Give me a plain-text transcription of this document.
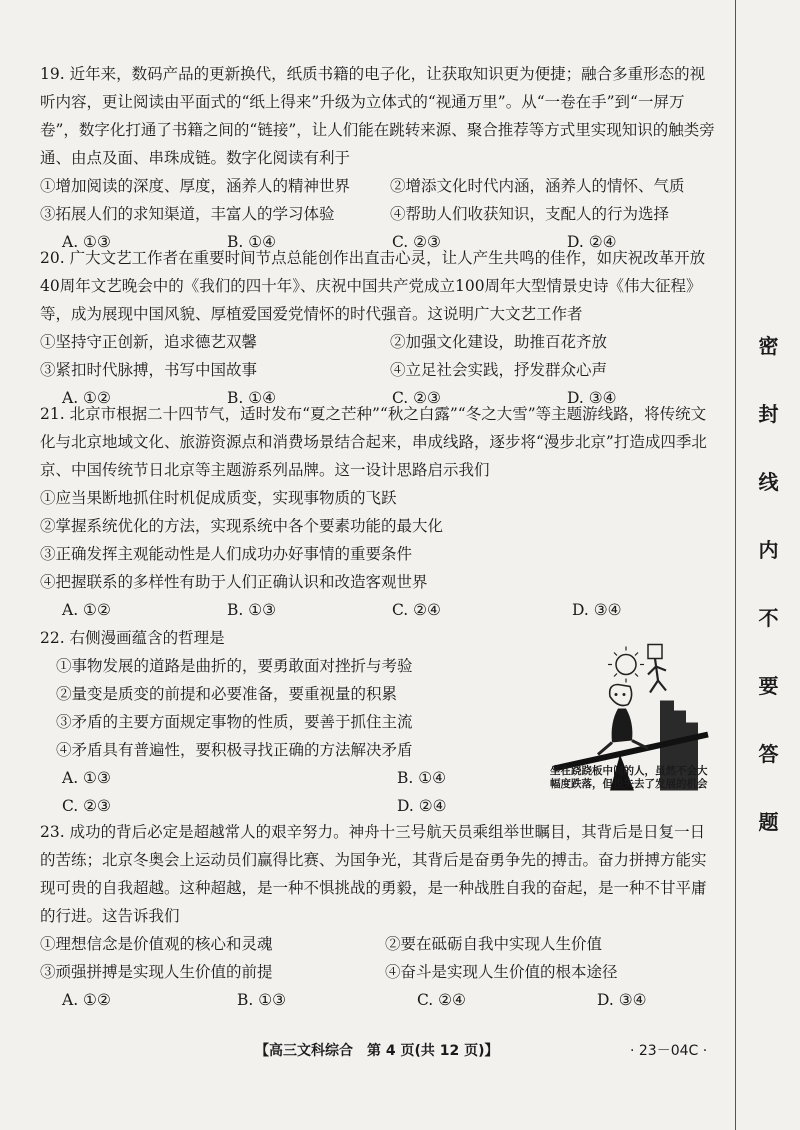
19. 近年来，数码产品的更新换代，纸质书籍的电子化，让获取知识更为便捷；融合多重形态的视听内容，更让阅读由平面式的“纸上得来”升级为立体式的“视通万里”。从“一卷在手”到“一屏万卷”，数字化打通了书籍之间的“链接”，让人们能在跳转来源、聚合推荐等方式里实现知识的触类旁通、由点及面、串珠成链。数字化阅读有利于

①增加阅读的深度、厚度，涵养人的精神世界	②增添文化时代内涵，涵养人的情怀、气质
③拓展人们的求知渠道，丰富人的学习体验	④帮助人们收获知识，支配人的行为选择
A. ①③	B. ①④	C. ②③	D. ②④

20. 广大文艺工作者在重要时间节点总能创作出直击心灵，让人产生共鸣的佳作，如庆祝改革开放40周年文艺晚会中的《我们的四十年》、庆祝中国共产党成立100周年大型情景史诗《伟大征程》等，成为展现中国风貌、厚植爱国爱党情怀的时代强音。这说明广大文艺工作者

①坚持守正创新，追求德艺双馨	②加强文化建设，助推百花齐放
③紧扣时代脉搏，书写中国故事	④立足社会实践，抒发群众心声
A. ①②	B. ①④	C. ②③	D. ③④

21. 北京市根据二十四节气，适时发布“夏之芒种”“秋之白露”“冬之大雪”等主题游线路，将传统文化与北京地域文化、旅游资源点和消费场景结合起来，串成线路，逐步将“漫步北京”打造成四季北京、中国传统节日北京等主题游系列品牌。这一设计思路启示我们

①应当果断地抓住时机促成质变，实现事物质的飞跃
②掌握系统优化的方法，实现系统中各个要素功能的最大化
③正确发挥主观能动性是人们成功办好事情的重要条件
④把握联系的多样性有助于人们正确认识和改造客观世界
A. ①②	B. ①③	C. ②④	D. ③④

22. 右侧漫画蕴含的哲理是

①事物发展的道路是曲折的，要勇敢面对挫折与考验
②量变是质变的前提和必要准备，要重视量的积累
③矛盾的主要方面规定事物的性质，要善于抓住主流
④矛盾具有普遍性，要积极寻找正确的方法解决矛盾
A. ①③	B. ①④
C. ②③	D. ②④
坐在跷跷板中间的人，虽然不会大幅度跌落，但也失去了发展的机会

23. 成功的背后必定是超越常人的艰辛努力。神舟十三号航天员乘组举世瞩目，其背后是日复一日的苦练；北京冬奥会上运动员们赢得比赛、为国争光，其背后是奋勇争先的搏击。奋力拼搏方能实现可贵的自我超越。这种超越，是一种不惧挑战的勇毅，是一种战胜自我的奋起，是一种不甘平庸的行进。这告诉我们

①理想信念是价值观的核心和灵魂	②要在砥砺自我中实现人生价值
③顽强拼搏是实现人生价值的前提	④奋斗是实现人生价值的根本途径
A. ①②	B. ①③	C. ②④	D. ③④
【高三文科综合　第 4 页(共 12 页)】	· 23－04C ·
密
封
线
内
不
要
答
题
